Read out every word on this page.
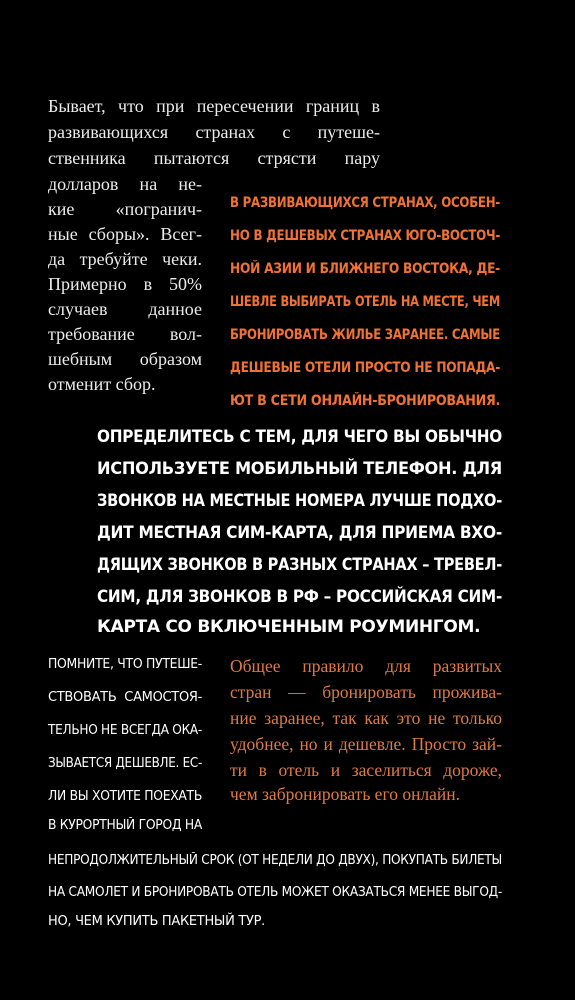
Бывает, что при пересечении границ в

развивающихся странах с путеше-

ственника пытаются стрясти пару

долларов на не-

кие «погранич-

ные сборы». Всег-

да требуйте чеки.

Примерно в 50%

случаев данное

требование вол-

шебным образом

отменит сбор.

В РАЗВИВАЮЩИХСЯ СТРАНАХ, ОСОБЕН-

НО В ДЕШЕВЫХ СТРАНАХ ЮГО-ВОСТОЧ-

НОЙ АЗИИ И БЛИЖНЕГО ВОСТОКА, ДЕ-

ШЕВЛЕ ВЫБИРАТЬ ОТЕЛЬ НА МЕСТЕ, ЧЕМ

БРОНИРОВАТЬ ЖИЛЬЕ ЗАРАНЕЕ. САМЫЕ

ДЕШЕВЫЕ ОТЕЛИ ПРОСТО НЕ ПОПАДА-

ЮТ В СЕТИ ОНЛАЙН-БРОНИРОВАНИЯ.

ОПРЕДЕЛИТЕСЬ С ТЕМ, ДЛЯ ЧЕГО ВЫ ОБЫЧНО

ИСПОЛЬЗУЕТЕ МОБИЛЬНЫЙ ТЕЛЕФОН. ДЛЯ

ЗВОНКОВ НА МЕСТНЫЕ НОМЕРА ЛУЧШЕ ПОДХО-

ДИТ МЕСТНАЯ СИМ-КАРТА, ДЛЯ ПРИЕМА ВХО-

ДЯЩИХ ЗВОНКОВ В РАЗНЫХ СТРАНАХ – ТРЕВЕЛ-

СИМ, ДЛЯ ЗВОНКОВ В РФ – РОССИЙСКАЯ СИМ-

КАРТА СО ВКЛЮЧЕННЫМ РОУМИНГОМ.

ПОМНИТЕ, ЧТО ПУТЕШЕ-

СТВОВАТЬ САМОСТОЯ-

ТЕЛЬНО НЕ ВСЕГДА ОКА-

ЗЫВАЕТСЯ ДЕШЕВЛЕ. ЕС-

ЛИ ВЫ ХОТИТЕ ПОЕХАТЬ

В КУРОРТНЫЙ ГОРОД НА

НЕПРОДОЛЖИТЕЛЬНЫЙ СРОК (ОТ НЕДЕЛИ ДО ДВУХ), ПОКУПАТЬ БИЛЕТЫ

НА САМОЛЕТ И БРОНИРОВАТЬ ОТЕЛЬ МОЖЕТ ОКАЗАТЬСЯ МЕНЕЕ ВЫГОД-

НО, ЧЕМ КУПИТЬ ПАКЕТНЫЙ ТУР.

Общее правило для развитых

стран — бронировать прожива-

ние заранее, так как это не только

удобнее, но и дешевле. Просто зай-

ти в отель и заселиться дороже,

чем забронировать его онлайн.
